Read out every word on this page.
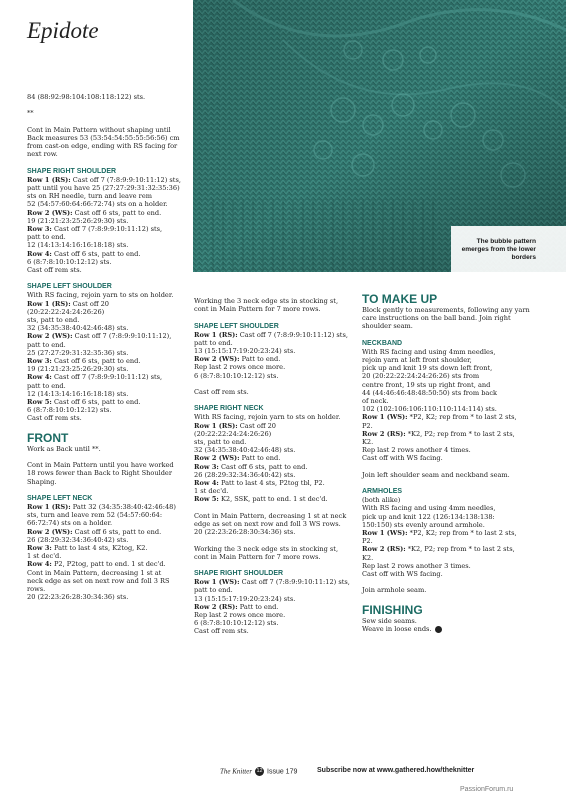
Epidote
The bubble pattern emerges from the lower borders

84 (88:92:98:104:108:118:122) sts.

**

Cont in Main Pattern without shaping until Back measures 53 (53:54:54:55:55:56:56) cm from cast-on edge, ending with RS facing for next row.

SHAPE RIGHT SHOULDER

Row 1 (RS): Cast off 7 (7:8:9:9:10:11:12) sts,

patt until you have 25 (27:27:29:31:32:35:36)

sts on RH needle, turn and leave rem

52 (54:57:60:64:66:72:74) sts on a holder.

Row 2 (WS): Cast off 6 sts, patt to end.

19 (21:21:23:25:26:29:30) sts.

Row 3: Cast off 7 (7:8:9:9:10:11:12) sts,

patt to end.

12 (14:13:14:16:16:18:18) sts.

Row 4: Cast off 6 sts, patt to end.

6 (8:7:8:10:10:12:12) sts.

Cast off rem sts.

SHAPE LEFT SHOULDER

With RS facing, rejoin yarn to sts on holder.

Row 1 (RS): Cast off 20 (20:22:22:24:24:26:26)

sts, patt to end.

32 (34:35:38:40:42:46:48) sts.

Row 2 (WS): Cast off 7 (7:8:9:9:10:11:12),

patt to end.

25 (27:27:29:31:32:35:36) sts.

Row 3: Cast off 6 sts, patt to end.

19 (21:21:23:25:26:29:30) sts.

Row 4: Cast off 7 (7:8:9:9:10:11:12) sts,

patt to end.

12 (14:13:14:16:16:18:18) sts.

Row 5: Cast off 6 sts, patt to end.

6 (8:7:8:10:10:12:12) sts.

Cast off rem sts.

FRONT

Work as Back until **.

Cont in Main Pattern until you have worked 18 rows fewer than Back to Right Shoulder Shaping.

SHAPE LEFT NECK

Row 1 (RS): Patt 32 (34:35:38:40:42:46:48)

sts, turn and leave rem 52 (54:57:60:64:

66:72:74) sts on a holder.

Row 2 (WS): Cast off 6 sts, patt to end.

26 (28:29:32:34:36:40:42) sts.

Row 3: Patt to last 4 sts, K2tog, K2.

1 st dec'd.

Row 4: P2, P2tog, patt to end. 1 st dec'd.

Cont in Main Pattern, decreasing 1 st at

neck edge as set on next row and foll 3 RS

rows.

20 (22:23:26:28:30:34:36) sts.

Working the 3 neck edge sts in stocking st, cont in Main Pattern for 7 more rows.

SHAPE LEFT SHOULDER

Row 1 (RS): Cast off 7 (7:8:9:9:10:11:12) sts,

patt to end.

13 (15:15:17:19:20:23:24) sts.

Row 2 (WS): Patt to end.

Rep last 2 rows once more.

6 (8:7:8:10:10:12:12) sts.

Cast off rem sts.

SHAPE RIGHT NECK

With RS facing, rejoin yarn to sts on holder.

Row 1 (RS): Cast off 20 (20:22:22:24:24:26:26)

sts, patt to end.

32 (34:35:38:40:42:46:48) sts.

Row 2 (WS): Patt to end.

Row 3: Cast off 6 sts, patt to end.

26 (28:29:32:34:36:40:42) sts.

Row 4: Patt to last 4 sts, P2tog tbl, P2.

1 st dec'd.

Row 5: K2, SSK, patt to end. 1 st dec'd.

Cont in Main Pattern, decreasing 1 st at neck edge as set on next row and foll 3 WS rows.

20 (22:23:26:28:30:34:36) sts.

Working the 3 neck edge sts in stocking st, cont in Main Pattern for 7 more rows.

SHAPE RIGHT SHOULDER

Row 1 (WS): Cast off 7 (7:8:9:9:10:11:12) sts,

patt to end.

13 (15:15:17:19:20:23:24) sts.

Row 2 (RS): Patt to end.

Rep last 2 rows once more.

6 (8:7:8:10:10:12:12) sts.

Cast off rem sts.

TO MAKE UP

Block gently to measurements, following any yarn care instructions on the ball band. Join right shoulder seam.

NECKBAND

With RS facing and using 4mm needles,

rejoin yarn at left front shoulder,

pick up and knit 19 sts down left front,

20 (20:22:22:24:24:26:26) sts from

centre front, 19 sts up right front, and

44 (44:46:46:48:48:50:50) sts from back

of neck.

102 (102:106:106:110:110:114:114) sts.

Row 1 (WS): *P2, K2; rep from * to last 2 sts,

P2.

Row 2 (RS): *K2, P2; rep from * to last 2 sts,

K2.

Rep last 2 rows another 4 times.

Cast off with WS facing.

Join left shoulder seam and neckband seam.

ARMHOLES

(both alike)

With RS facing and using 4mm needles,

pick up and knit 122 (126:134:138:138:

150:150) sts evenly around armhole.

Row 1 (WS): *P2, K2; rep from * to last 2 sts,

P2.

Row 2 (RS): *K2, P2; rep from * to last 2 sts,

K2.

Rep last 2 rows another 3 times.

Cast off with WS facing.

Join armhole seam.

FINISHING

Sew side seams.

Weave in loose ends.

The Knitter 12 Issue 179	Subscribe now at www.gathered.how/theknitter
PassionForum.ru
